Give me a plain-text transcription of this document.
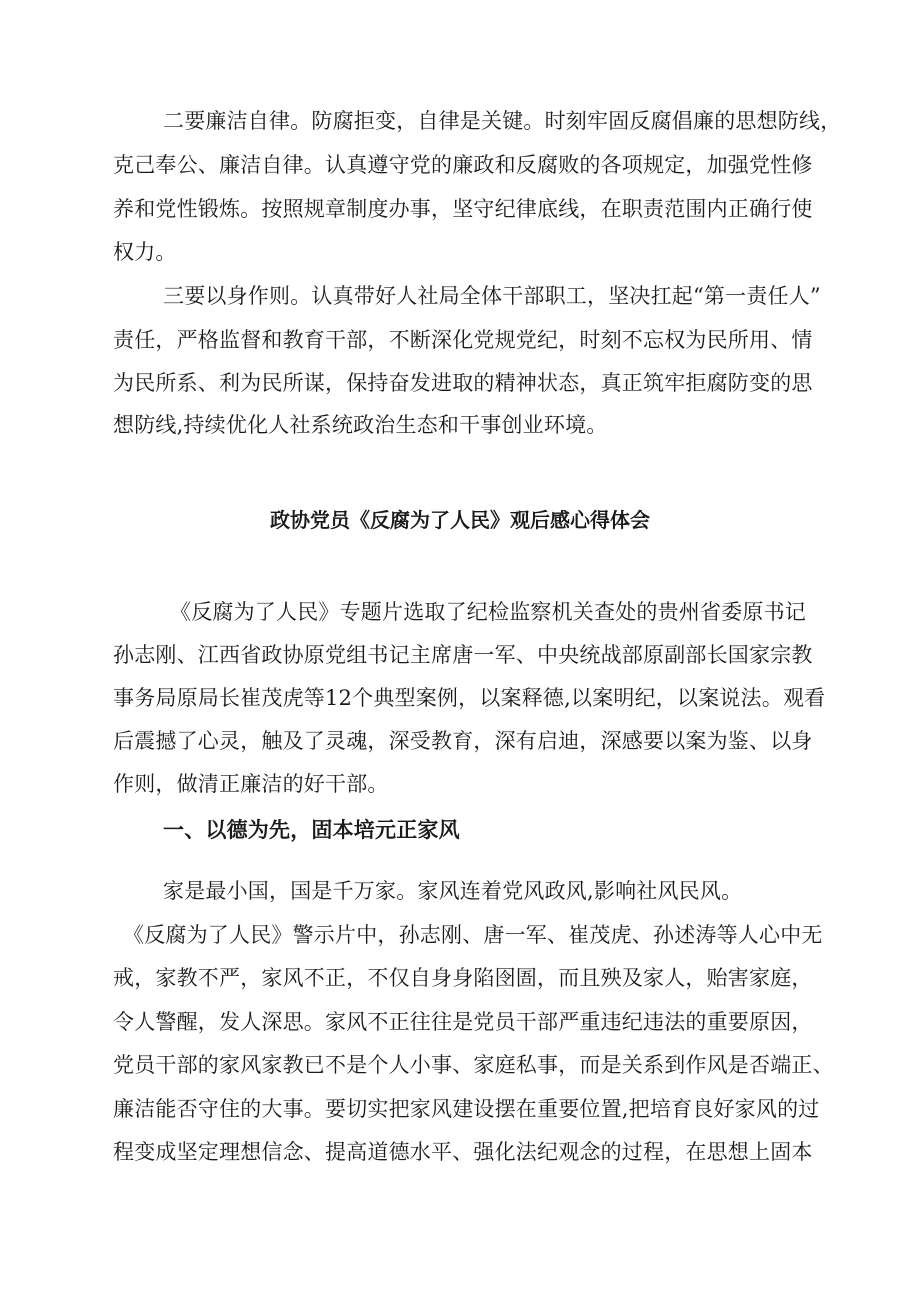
二要廉洁自律。防腐拒变，自律是关键。时刻牢固反腐倡廉的思想防线，
克己奉公、廉洁自律。认真遵守党的廉政和反腐败的各项规定，加强党性修
养和党性锻炼。按照规章制度办事，坚守纪律底线，在职责范围内正确行使
权力。
三要以身作则。认真带好人社局全体干部职工，坚决扛起“第一责任人”
责任，严格监督和教育干部，不断深化党规党纪，时刻不忘权为民所用、情
为民所系、利为民所谋，保持奋发进取的精神状态，真正筑牢拒腐防变的思
想防线,持续优化人社系统政治生态和干事创业环境。
政协党员《反腐为了人民》观后感心得体会
《反腐为了人民》专题片选取了纪检监察机关查处的贵州省委原书记
孙志刚、江西省政协原党组书记主席唐一军、中央统战部原副部长国家宗教
事务局原局长崔茂虎等12个典型案例，以案释德,以案明纪，以案说法。观看
后震撼了心灵，触及了灵魂，深受教育，深有启迪，深感要以案为鉴、以身
作则，做清正廉洁的好干部。
一、以德为先，固本培元正家风
家是最小国，国是千万家。家风连着党风政风,影响社风民风。
《反腐为了人民》警示片中，孙志刚、唐一军、崔茂虎、孙述涛等人心中无
戒，家教不严，家风不正，不仅自身身陷囹圄，而且殃及家人，贻害家庭，
令人警醒，发人深思。家风不正往往是党员干部严重违纪违法的重要原因，
党员干部的家风家教已不是个人小事、家庭私事，而是关系到作风是否端正、
廉洁能否守住的大事。要切实把家风建设摆在重要位置,把培育良好家风的过
程变成坚定理想信念、提高道德水平、强化法纪观念的过程，在思想上固本
